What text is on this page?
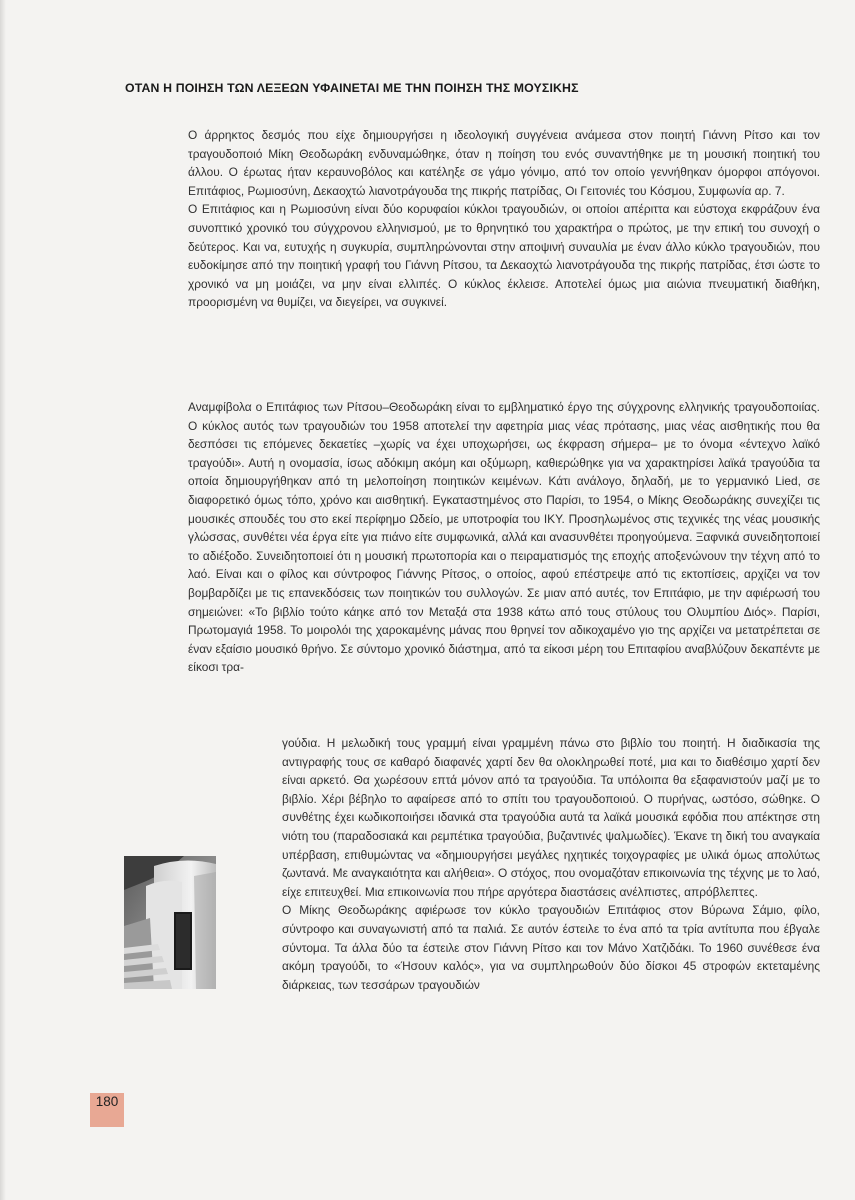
ΟΤΑΝ Η ΠΟΙΗΣΗ ΤΩΝ ΛΕΞΕΩΝ ΥΦΑΙΝΕΤΑΙ ΜΕ ΤΗΝ ΠΟΙΗΣΗ ΤΗΣ ΜΟΥΣΙΚΗΣ

Ο άρρηκτος δεσμός που είχε δημιουργήσει η ιδεολογική συγγένεια ανάμεσα στον ποιητή Γιάννη Ρίτσο και τον τραγουδοποιό Μίκη Θεοδωράκη ενδυναμώθηκε, όταν η ποίηση του ενός συναντήθηκε με τη μουσική ποιητική του άλλου. Ο έρωτας ήταν κεραυνοβόλος και κατέληξε σε γάμο γόνιμο, από τον οποίο γεννήθηκαν όμορφοι απόγονοι. Επιτάφιος, Ρωμιοσύνη, Δεκαοχτώ λιανοτράγουδα της πικρής πατρίδας, Οι Γειτονιές του Κόσμου, Συμφωνία αρ. 7.

Ο Επιτάφιος και η Ρωμιοσύνη είναι δύο κορυφαίοι κύκλοι τραγουδιών, οι οποίοι απέριττα και εύστοχα εκφράζουν ένα συνοπτικό χρονικό του σύγχρονου ελληνισμού, με το θρηνητικό του χαρακτήρα ο πρώτος, με την επική του συνοχή ο δεύτερος. Και να, ευτυχής η συγκυρία, συμπληρώνονται στην αποψινή συναυλία με έναν άλλο κύκλο τραγουδιών, που ευδοκίμησε από την ποιητική γραφή του Γιάννη Ρίτσου, τα Δεκαοχτώ λιανοτράγουδα της πικρής πατρίδας, έτσι ώστε το χρονικό να μη μοιάζει, να μην είναι ελλιπές. Ο κύκλος έκλεισε. Αποτελεί όμως μια αιώνια πνευματική διαθήκη, προορισμένη να θυμίζει, να διεγείρει, να συγκινεί.

Αναμφίβολα ο Επιτάφιος των Ρίτσου–Θεοδωράκη είναι το εμβληματικό έργο της σύγχρονης ελληνικής τραγουδοποιίας. Ο κύκλος αυτός των τραγουδιών του 1958 αποτελεί την αφετηρία μιας νέας πρότασης, μιας νέας αισθητικής που θα δεσπόσει τις επόμενες δεκαετίες –χωρίς να έχει υποχωρήσει, ως έκφραση σήμερα– με το όνομα «έντεχνο λαϊκό τραγούδι». Αυτή η ονομασία, ίσως αδόκιμη ακόμη και οξύμωρη, καθιερώθηκε για να χαρακτηρίσει λαϊκά τραγούδια τα οποία δημιουργήθηκαν από τη μελοποίηση ποιητικών κειμένων. Κάτι ανάλογο, δηλαδή, με το γερμανικό Lied, σε διαφορετικό όμως τόπο, χρόνο και αισθητική. Εγκαταστημένος στο Παρίσι, το 1954, ο Μίκης Θεοδωράκης συνεχίζει τις μουσικές σπουδές του στο εκεί περίφημο Ωδείο, με υποτροφία του ΙΚΥ. Προσηλωμένος στις τεχνικές της νέας μουσικής γλώσσας, συνθέτει νέα έργα είτε για πιάνο είτε συμφωνικά, αλλά και ανασυνθέτει προηγούμενα. Ξαφνικά συνειδητοποιεί το αδιέξοδο. Συνειδητοποιεί ότι η μουσική πρωτοπορία και ο πειραματισμός της εποχής αποξενώνουν την τέχνη από το λαό. Είναι και ο φίλος και σύντροφος Γιάννης Ρίτσος, ο οποίος, αφού επέστρεψε από τις εκτοπίσεις, αρχίζει να τον βομβαρδίζει με τις επανεκδόσεις των ποιητικών του συλλογών. Σε μιαν από αυτές, τον Επιτάφιο, με την αφιέρωσή του σημειώνει: «Το βιβλίο τούτο κάηκε από τον Μεταξά στα 1938 κάτω από τους στύλους του Ολυμπίου Διός». Παρίσι, Πρωτομαγιά 1958. Το μοιρολόι της χαροκαμένης μάνας που θρηνεί τον αδικοχαμένο γιο της αρχίζει να μετατρέπεται σε έναν εξαίσιο μουσικό θρήνο. Σε σύντομο χρονικό διάστημα, από τα είκοσι μέρη του Επιταφίου αναβλύζουν δεκαπέντε με είκοσι τρα-

γούδια. Η μελωδική τους γραμμή είναι γραμμένη πάνω στο βιβλίο του ποιητή. Η διαδικασία της αντιγραφής τους σε καθαρό διαφανές χαρτί δεν θα ολοκληρωθεί ποτέ, μια και το διαθέσιμο χαρτί δεν είναι αρκετό. Θα χωρέσουν επτά μόνον από τα τραγούδια. Τα υπόλοιπα θα εξαφανιστούν μαζί με το βιβλίο. Χέρι βέβηλο το αφαίρεσε από το σπίτι του τραγουδοποιού. Ο πυρήνας, ωστόσο, σώθηκε. Ο συνθέτης έχει κωδικοποιήσει ιδανικά στα τραγούδια αυτά τα λαϊκά μουσικά εφόδια που απέκτησε στη νιότη του (παραδοσιακά και ρεμπέτικα τραγούδια, βυζαντινές ψαλμωδίες). Έκανε τη δική του αναγκαία υπέρβαση, επιθυμώντας να «δημιουργήσει μεγάλες ηχητικές τοιχογραφίες με υλικά όμως απολύτως ζωντανά. Με αναγκαιότητα και αλήθεια». Ο στόχος, που ονομαζόταν επικοινωνία της τέχνης με το λαό, είχε επιτευχθεί. Μια επικοινωνία που πήρε αργότερα διαστάσεις ανέλπιστες, απρόβλεπτες.

Ο Μίκης Θεοδωράκης αφιέρωσε τον κύκλο τραγουδιών Επιτάφιος στον Βύρωνα Σάμιο, φίλο, σύντροφο και συναγωνιστή από τα παλιά. Σε αυτόν έστειλε το ένα από τα τρία αντίτυπα που έβγαλε σύντομα. Τα άλλα δύο τα έστειλε στον Γιάννη Ρίτσο και τον Μάνο Χατζιδάκι. Το 1960 συνέθεσε ένα ακόμη τραγούδι, το «Ήσουν καλός», για να συμπληρωθούν δύο δίσκοι 45 στροφών εκτεταμένης διάρκειας, των τεσσάρων τραγουδιών

180
